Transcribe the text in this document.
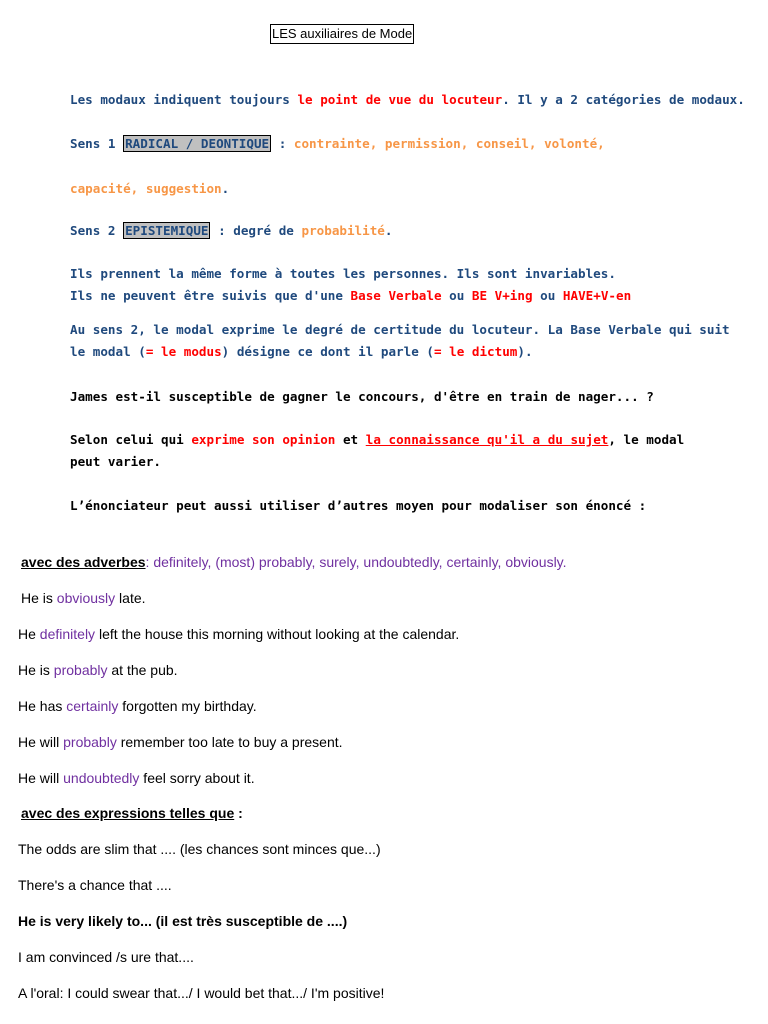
LES auxiliaires de Mode
Les modaux indiquent toujours le point de vue du locuteur. Il y a 2 catégories de modaux.
Sens 1 RADICAL / DEONTIQUE : contrainte, permission, conseil, volonté,
capacité, suggestion.
Sens 2 EPISTEMIQUE : degré de probabilité.
Ils prennent la même forme à toutes les personnes. Ils sont invariables.
Ils ne peuvent être suivis que d'une Base Verbale ou BE V+ing ou HAVE+V-en
Au sens 2, le modal exprime le degré de certitude du locuteur. La Base Verbale qui suit
le modal (= le modus) désigne ce dont il parle (= le dictum).
James est-il susceptible de gagner le concours, d'être en train de nager... ?
Selon celui qui exprime son opinion et la connaissance qu'il a du sujet, le modal
peut varier.
L’énonciateur peut aussi utiliser d’autres moyen pour modaliser son énoncé :
avec des adverbes: definitely, (most) probably, surely, undoubtedly, certainly, obviously.
He is obviously late.
He definitely left the house this morning without looking at the calendar.
He is probably at the pub.
He has certainly forgotten my birthday.
He will probably remember too late to buy a present.
He will undoubtedly feel sorry about it.
avec des expressions telles que :
The odds are slim that .... (les chances sont minces que...)
There's a chance that ....
He is very likely to... (il est très susceptible de ....)
I am convinced /s ure that....
A l'oral: I could swear that.../ I would bet that.../ I'm positive!
